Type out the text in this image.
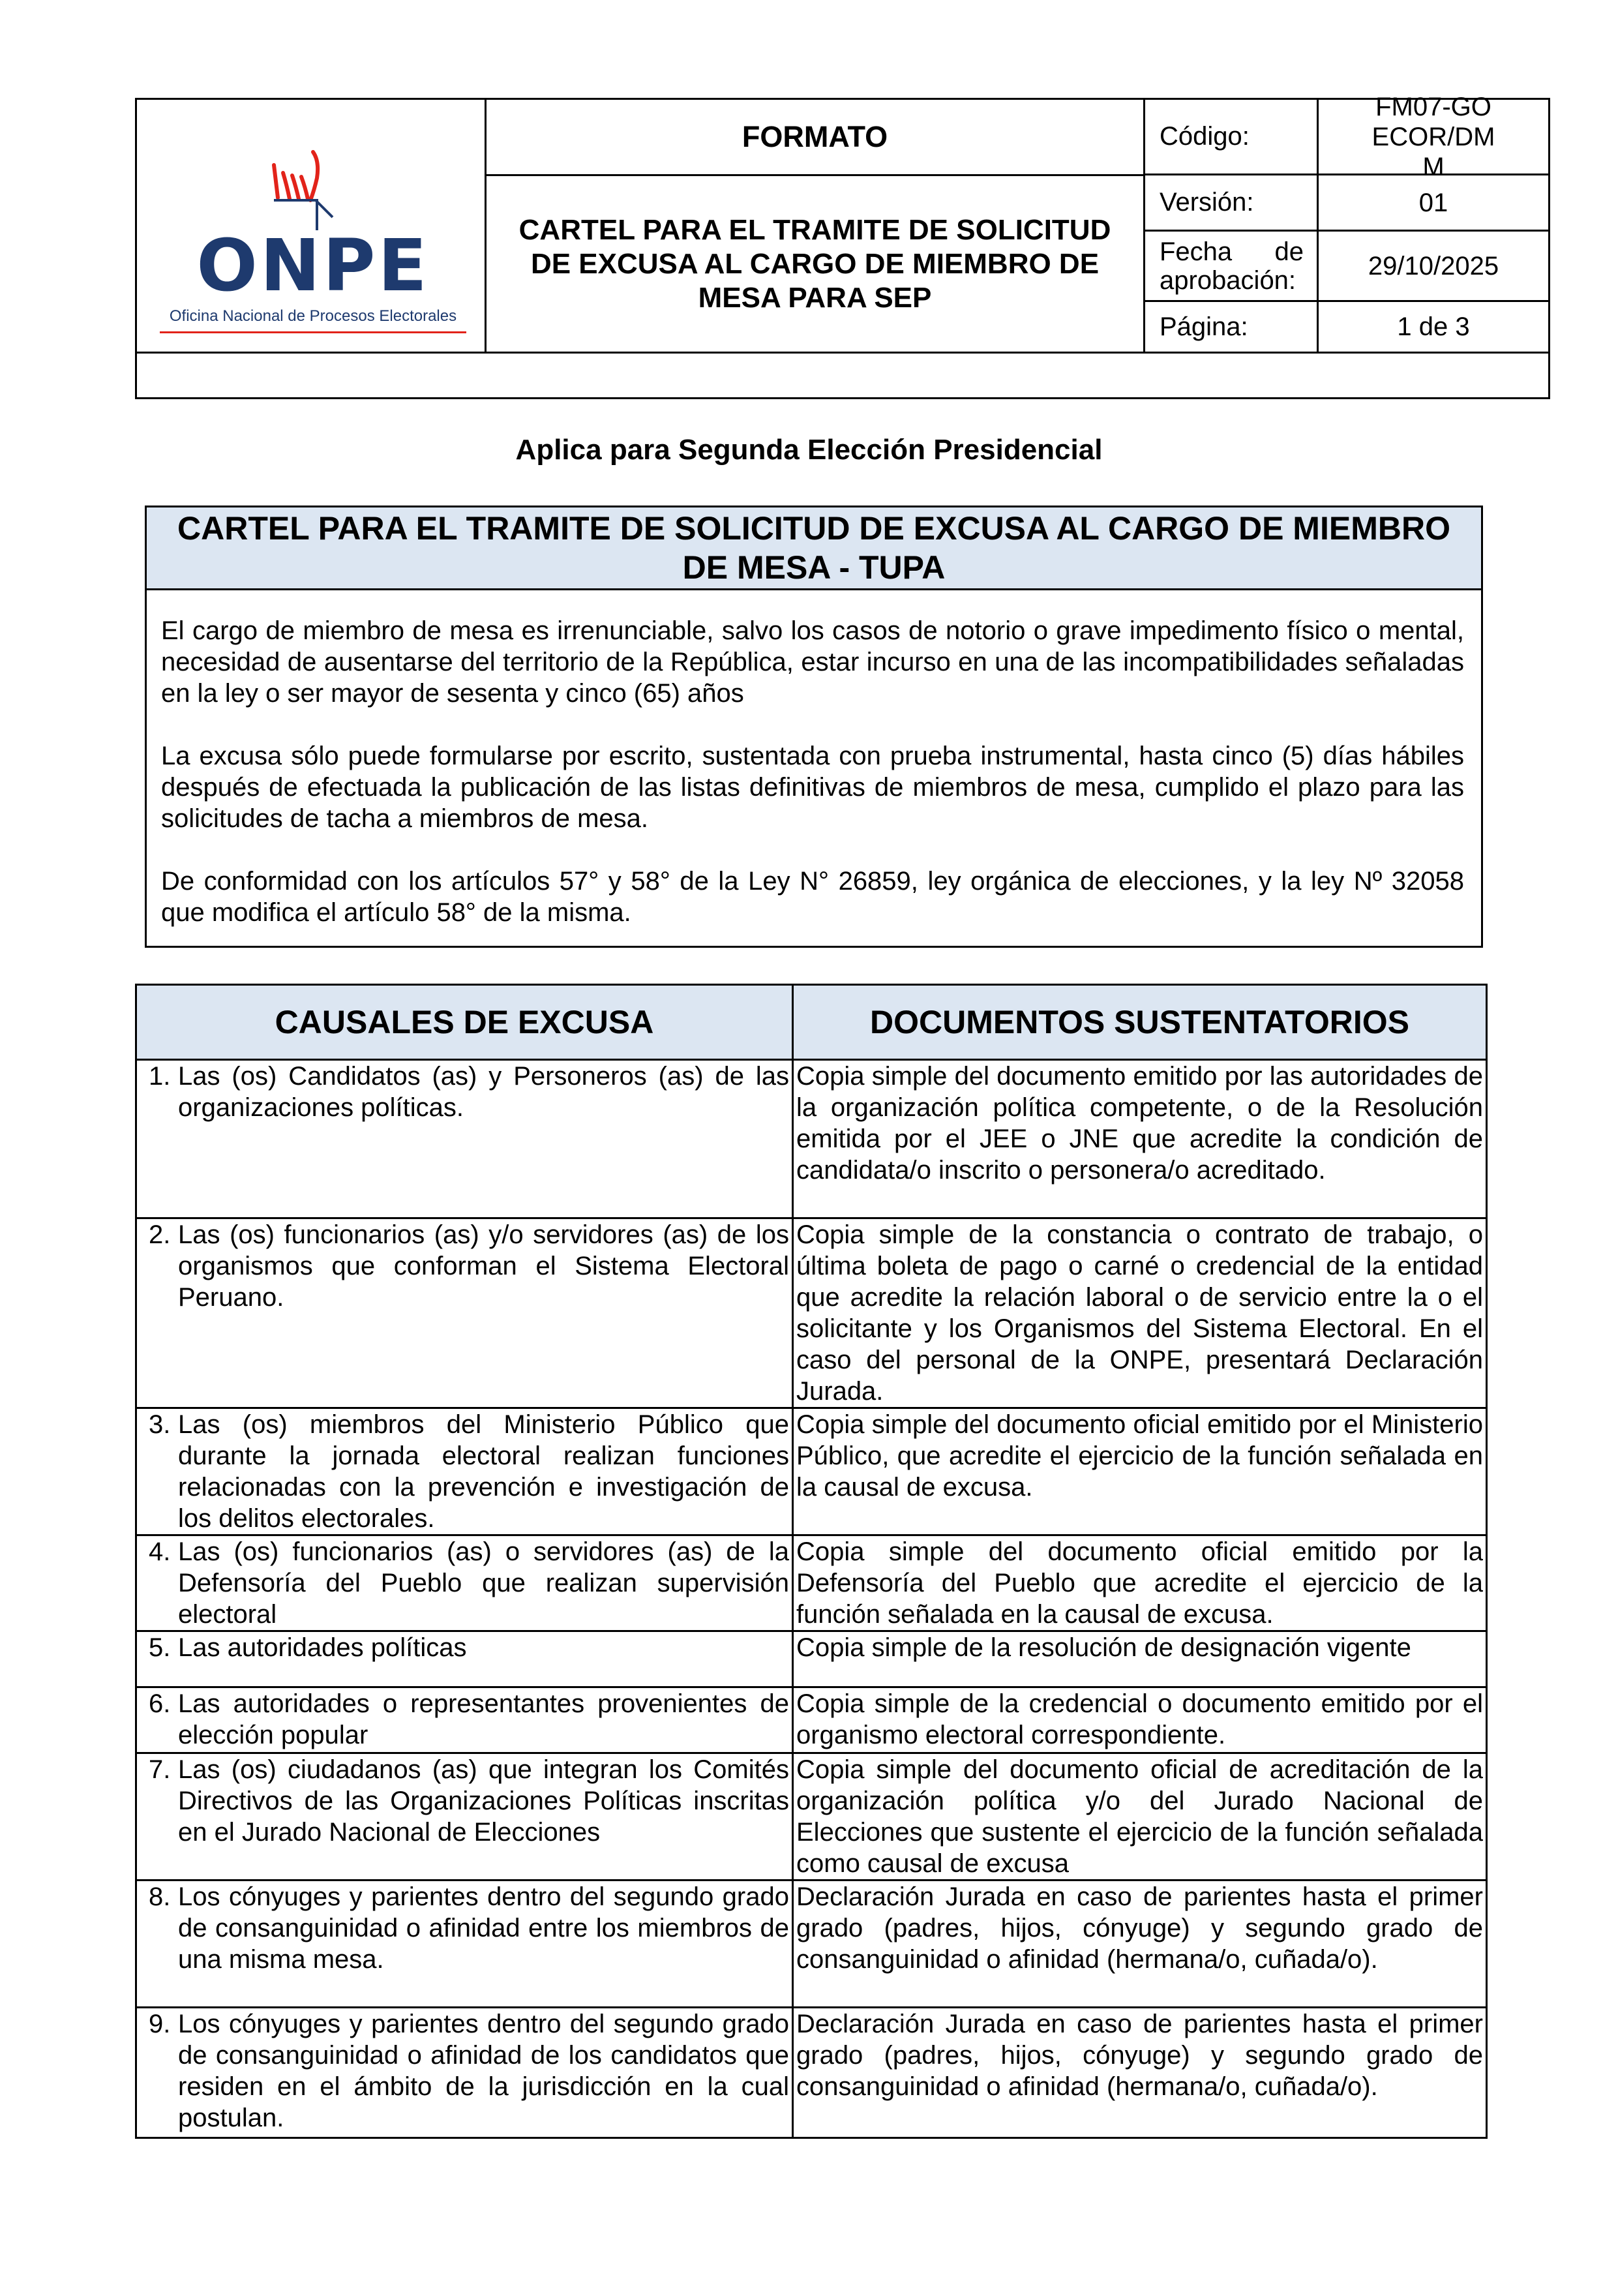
ONPE
Oficina Nacional de Procesos Electorales
FORMATO
CARTEL PARA EL TRAMITE DE SOLICITUD DE EXCUSA AL CARGO DE MIEMBRO DE MESA PARA SEP
Código:
FM07-GOECOR/DMM
Versión:	01
Fecha de aprobación:	29/10/2025
Página:	1 de 3
Aplica para Segunda Elección Presidencial
CARTEL PARA EL TRAMITE DE SOLICITUD DE EXCUSA AL CARGO DE MIEMBRO DE MESA - TUPA

El cargo de miembro de mesa es irrenunciable, salvo los casos de notorio o grave impedimento físico o mental, necesidad de ausentarse del territorio de la República, estar incurso en una de las incompatibilidades señaladas en la ley o ser mayor de sesenta y cinco (65) años

La excusa sólo puede formularse por escrito, sustentada con prueba instrumental, hasta cinco (5) días hábiles después de efectuada la publicación de las listas definitivas de miembros de mesa, cumplido el plazo para las solicitudes de tacha a miembros de mesa.

De conformidad con los artículos 57° y 58° de la Ley N° 26859, ley orgánica de elecciones, y la ley Nº 32058 que modifica el artículo 58° de la misma.

CAUSALES DE EXCUSA	DOCUMENTOS SUSTENTATORIOS

1. Las (os) Candidatos (as) y Personeros (as) de las organizaciones políticas.	Copia simple del documento emitido por las autoridades de la organización política competente, o de la Resolución emitida por el JEE o JNE que acredite la condición de candidata/o inscrito o personera/o acreditado.

2. Las (os) funcionarios (as) y/o servidores (as) de los organismos que conforman el Sistema Electoral Peruano.	Copia simple de la constancia o contrato de trabajo, o última boleta de pago o carné o credencial de la entidad que acredite la relación laboral o de servicio entre la o el solicitante y los Organismos del Sistema Electoral. En el caso del personal de la ONPE, presentará Declaración Jurada.

3. Las (os) miembros del Ministerio Público que durante la jornada electoral realizan funciones relacionadas con la prevención e investigación de los delitos electorales.	Copia simple del documento oficial emitido por el Ministerio Público, que acredite el ejercicio de la función señalada en la causal de excusa.

4. Las (os) funcionarios (as) o servidores (as) de la Defensoría del Pueblo que realizan supervisión electoral	Copia simple del documento oficial emitido por la Defensoría del Pueblo que acredite el ejercicio de la función señalada en la causal de excusa.

5. Las autoridades políticas	Copia simple de la resolución de designación vigente

6. Las autoridades o representantes provenientes de elección popular	Copia simple de la credencial o documento emitido por el organismo electoral correspondiente.

7. Las (os) ciudadanos (as) que integran los Comités Directivos de las Organizaciones Políticas inscritas en el Jurado Nacional de Elecciones	Copia simple del documento oficial de acreditación de la organización política y/o del Jurado Nacional de Elecciones que sustente el ejercicio de la función señalada como causal de excusa

8. Los cónyuges y parientes dentro del segundo grado de consanguinidad o afinidad entre los miembros de una misma mesa.	Declaración Jurada en caso de parientes hasta el primer grado (padres, hijos, cónyuge) y segundo grado de consanguinidad o afinidad (hermana/o, cuñada/o).

9. Los cónyuges y parientes dentro del segundo grado de consanguinidad o afinidad de los candidatos que residen en el ámbito de la jurisdicción en la cual postulan.	Declaración Jurada en caso de parientes hasta el primer grado (padres, hijos, cónyuge) y segundo grado de consanguinidad o afinidad (hermana/o, cuñada/o).
